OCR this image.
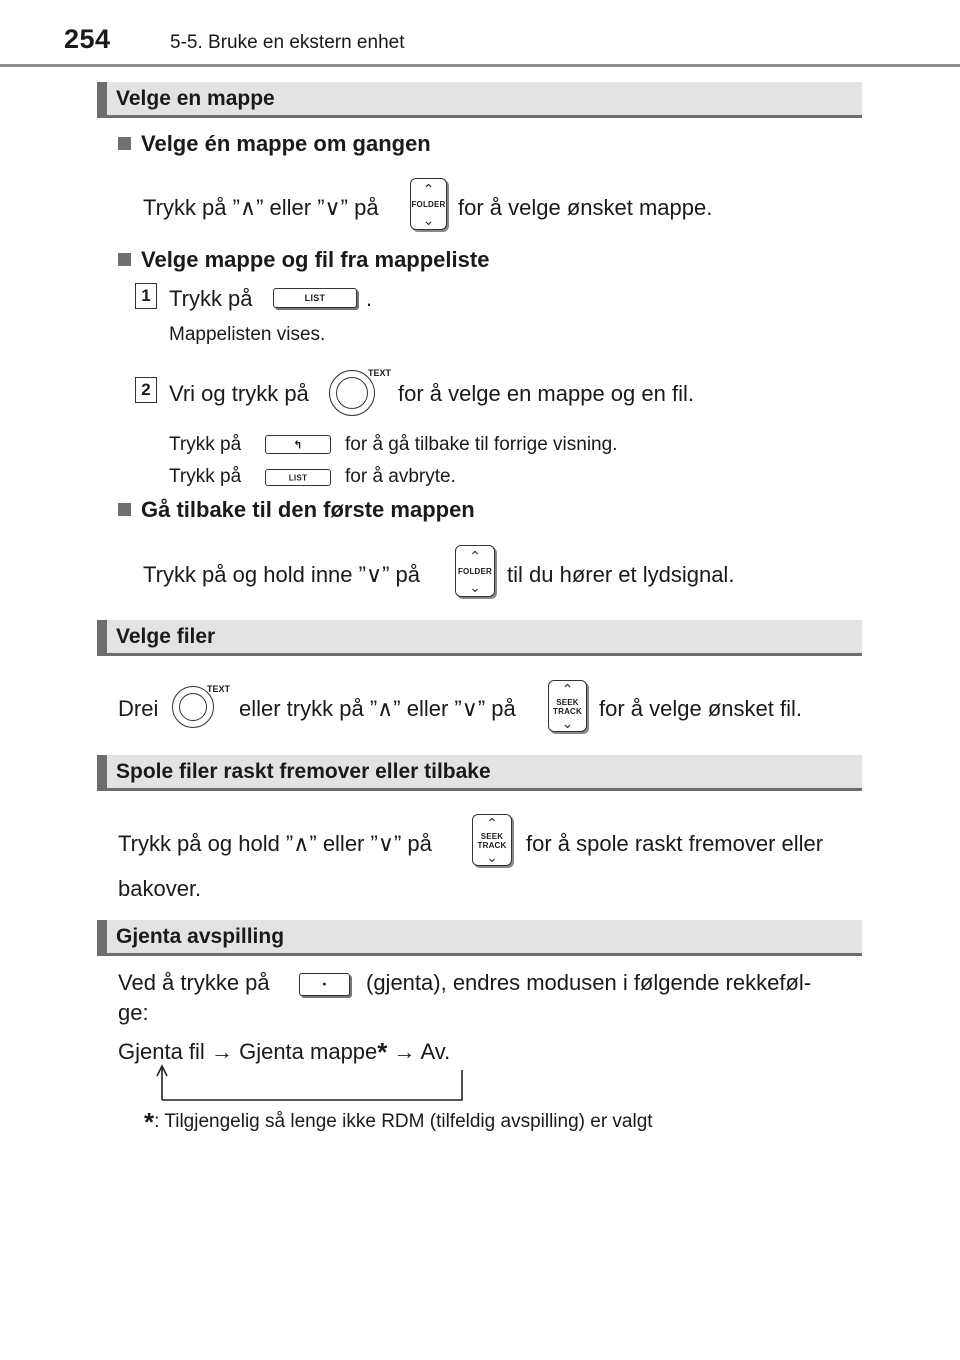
254	5-5. Bruke en ekstern enhet
Velge en mappe
Velge én mappe om gangen
Trykk på ”∧” eller ”∨” på
⌃
FOLDER
⌄	for å velge ønsket mappe.
Velge mappe og fil fra mappeliste
1 Trykk på	LIST	.
Mappelisten vises.
2 Vri og trykk på
TEXT
for å velge en mappe og en fil.
Trykk på	↰	for å gå tilbake til forrige visning.
Trykk på	LIST	for å avbryte.
Gå tilbake til den første mappen
Trykk på og hold inne ”∨” på
⌃
FOLDER
⌄	til du hører et lydsignal.
Velge filer
Drei
TEXT
eller trykk på ”∧” eller ”∨” på
⌃
SEEK
TRACK
⌄
for å velge ønsket fil.
Spole filer raskt fremover eller tilbake
Trykk på og hold ”∧” eller ”∨” på
⌃
SEEK
TRACK
⌄
for å spole raskt fremover eller
bakover.
Gjenta avspilling
Ved å trykke på	•	(gjenta), endres modusen i følgende rekkeføl-
ge:
Gjenta fil → Gjenta mappe* → Av.
*: Tilgjengelig så lenge ikke RDM (tilfeldig avspilling) er valgt
